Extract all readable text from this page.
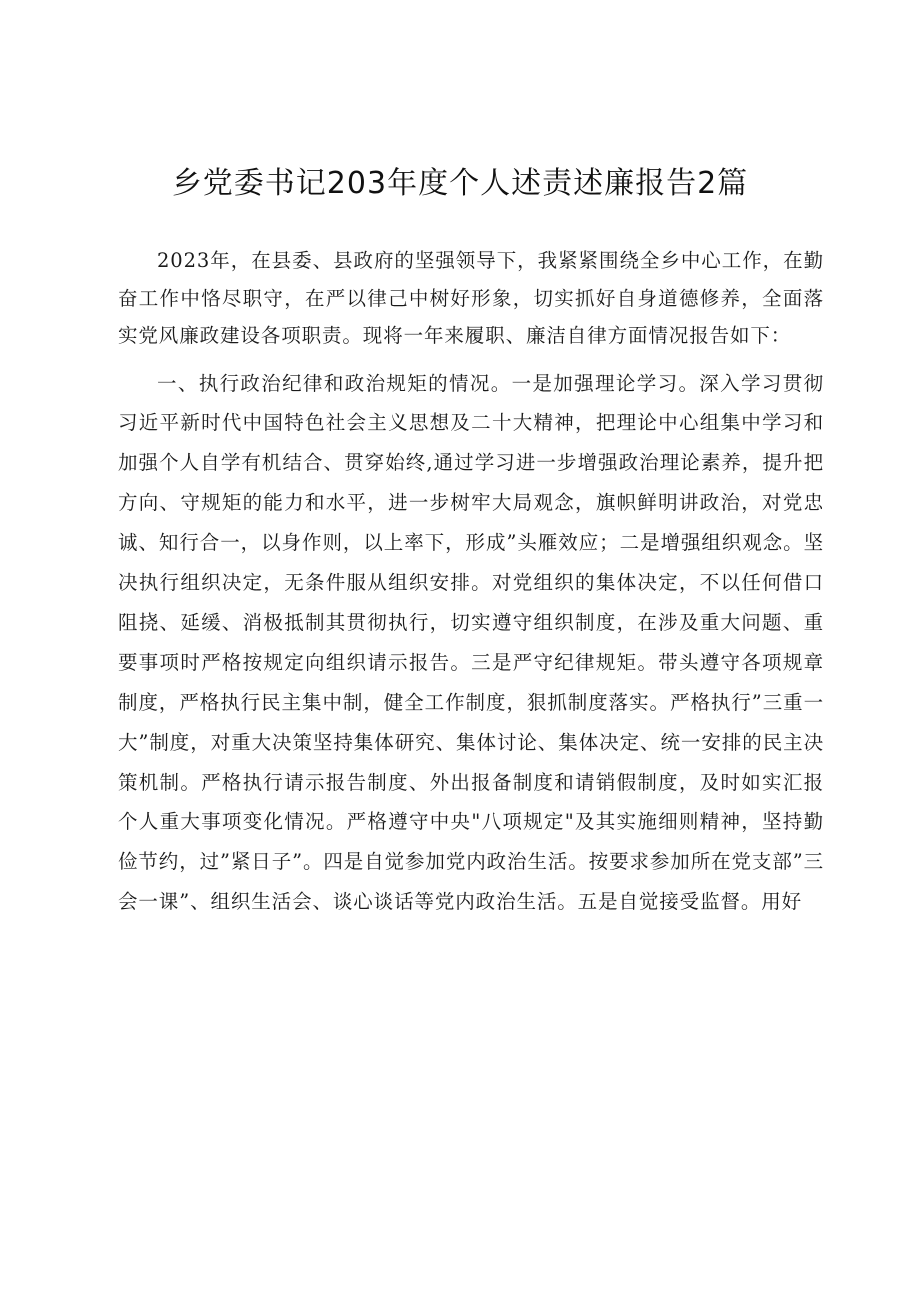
乡党委书记203年度个人述责述廉报告2篇

2023年，在县委、县政府的坚强领导下，我紧紧围绕全乡中心工作，在勤奋工作中恪尽职守，在严以律己中树好形象，切实抓好自身道德修养，全面落实党风廉政建设各项职责。现将一年来履职、廉洁自律方面情况报告如下：

一、执行政治纪律和政治规矩的情况。一是加强理论学习。深入学习贯彻习近平新时代中国特色社会主义思想及二十大精神，把理论中心组集中学习和加强个人自学有机结合、贯穿始终,通过学习进一步增强政治理论素养，提升把方向、守规矩的能力和水平，进一步树牢大局观念，旗帜鲜明讲政治，对党忠诚、知行合一，以身作则，以上率下，形成”头雁效应；二是增强组织观念。坚决执行组织决定，无条件服从组织安排。对党组织的集体决定，不以任何借口阻挠、延缓、消极抵制其贯彻执行，切实遵守组织制度，在涉及重大问题、重要事项时严格按规定向组织请示报告。三是严守纪律规矩。带头遵守各项规章制度，严格执行民主集中制，健全工作制度，狠抓制度落实。严格执行”三重一大”制度，对重大决策坚持集体研究、集体讨论、集体决定、统一安排的民主决策机制。严格执行请示报告制度、外出报备制度和请销假制度，及时如实汇报个人重大事项变化情况。严格遵守中央"八项规定"及其实施细则精神，坚持勤俭节约，过”紧日子”。四是自觉参加党内政治生活。按要求参加所在党支部”三会一课”、组织生活会、谈心谈话等党内政治生活。五是自觉接受监督。用好
